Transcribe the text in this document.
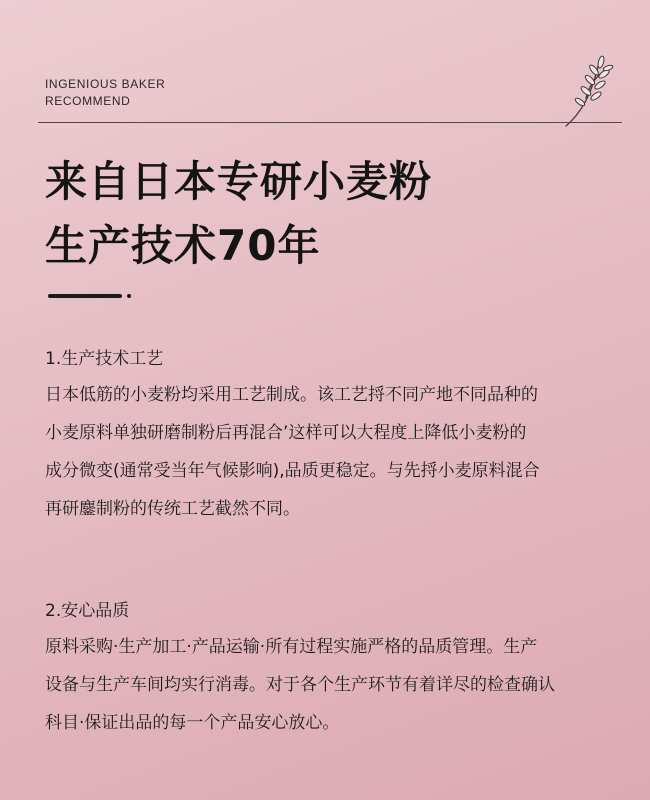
INGENIOUS BAKER
RECOMMEND
来自日本专研小麦粉
生产技术70年
1.生产技术工艺

日本低筋的小麦粉均采用工艺制成。该工艺捋不同产地不同品种的
小麦原料单独研磨制粉后再混合’这样可以大程度上降低小麦粉的
成分微变(通常受当年气候影响),品质更稳定。与先捋小麦原料混合
再研鏖制粉的传统工艺截然不同。

2.安心品质

原料采购·生产加工·产品运输·所有过程实施严格的品质管理。生产
设备与生产车间均实行消毒。对于各个生产环节有着详尽的检查确认
科目·保证出品的每一个产品安心放心。
